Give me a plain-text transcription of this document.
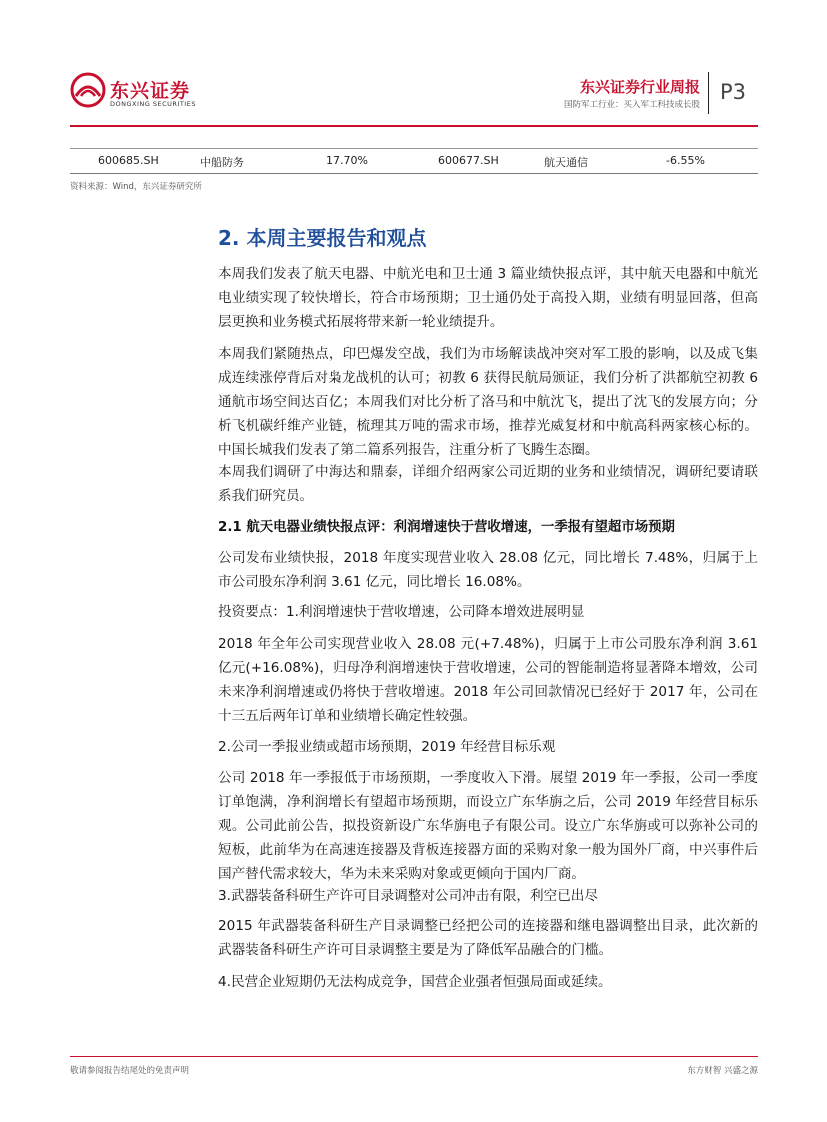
东兴证券
DONGXING SECURITIES
东兴证券行业周报
国防军工行业：买入军工科技成长股
P3
600685.SH	中船防务	17.70%	600677.SH	航天通信	-6.55%
资料来源：Wind，东兴证券研究所
2. 本周主要报告和观点
本周我们发表了航天电器、中航光电和卫士通 3 篇业绩快报点评，其中航天电器和中航光电业绩实现了较快增长，符合市场预期；卫士通仍处于高投入期，业绩有明显回落，但高层更换和业务模式拓展将带来新一轮业绩提升。
本周我们紧随热点，印巴爆发空战，我们为市场解读战冲突对军工股的影响，以及成飞集成连续涨停背后对枭龙战机的认可；初教 6 获得民航局颁证，我们分析了洪都航空初教 6 通航市场空间达百亿；本周我们对比分析了洛马和中航沈飞，提出了沈飞的发展方向；分析飞机碳纤维产业链，梳理其万吨的需求市场，推荐光威复材和中航高科两家核心标的。中国长城我们发表了第二篇系列报告，注重分析了飞腾生态圈。
本周我们调研了中海达和鼎泰，详细介绍两家公司近期的业务和业绩情况，调研纪要请联系我们研究员。
2.1 航天电器业绩快报点评：利润增速快于营收增速，一季报有望超市场预期
公司发布业绩快报，2018 年度实现营业收入 28.08 亿元，同比增长 7.48%，归属于上市公司股东净利润 3.61 亿元，同比增长 16.08%。
投资要点：1.利润增速快于营收增速，公司降本增效进展明显
2018 年全年公司实现营业收入 28.08 元(+7.48%)，归属于上市公司股东净利润 3.61 亿元(+16.08%)，归母净利润增速快于营收增速，公司的智能制造将显著降本增效，公司未来净利润增速或仍将快于营收增速。2018 年公司回款情况已经好于 2017 年，公司在十三五后两年订单和业绩增长确定性较强。
2.公司一季报业绩或超市场预期，2019 年经营目标乐观
公司 2018 年一季报低于市场预期，一季度收入下滑。展望 2019 年一季报，公司一季度订单饱满，净利润增长有望超市场预期，而设立广东华旃之后，公司 2019 年经营目标乐观。公司此前公告，拟投资新设广东华旃电子有限公司。设立广东华旃或可以弥补公司的短板，此前华为在高速连接器及背板连接器方面的采购对象一般为国外厂商，中兴事件后国产替代需求较大，华为未来采购对象或更倾向于国内厂商。
3.武器装备科研生产许可目录调整对公司冲击有限，利空已出尽
2015 年武器装备科研生产目录调整已经把公司的连接器和继电器调整出目录，此次新的武器装备科研生产许可目录调整主要是为了降低军品融合的门槛。
4.民营企业短期仍无法构成竞争，国营企业强者恒强局面或延续。
敬请参阅报告结尾处的免责声明	东方财智 兴盛之源
